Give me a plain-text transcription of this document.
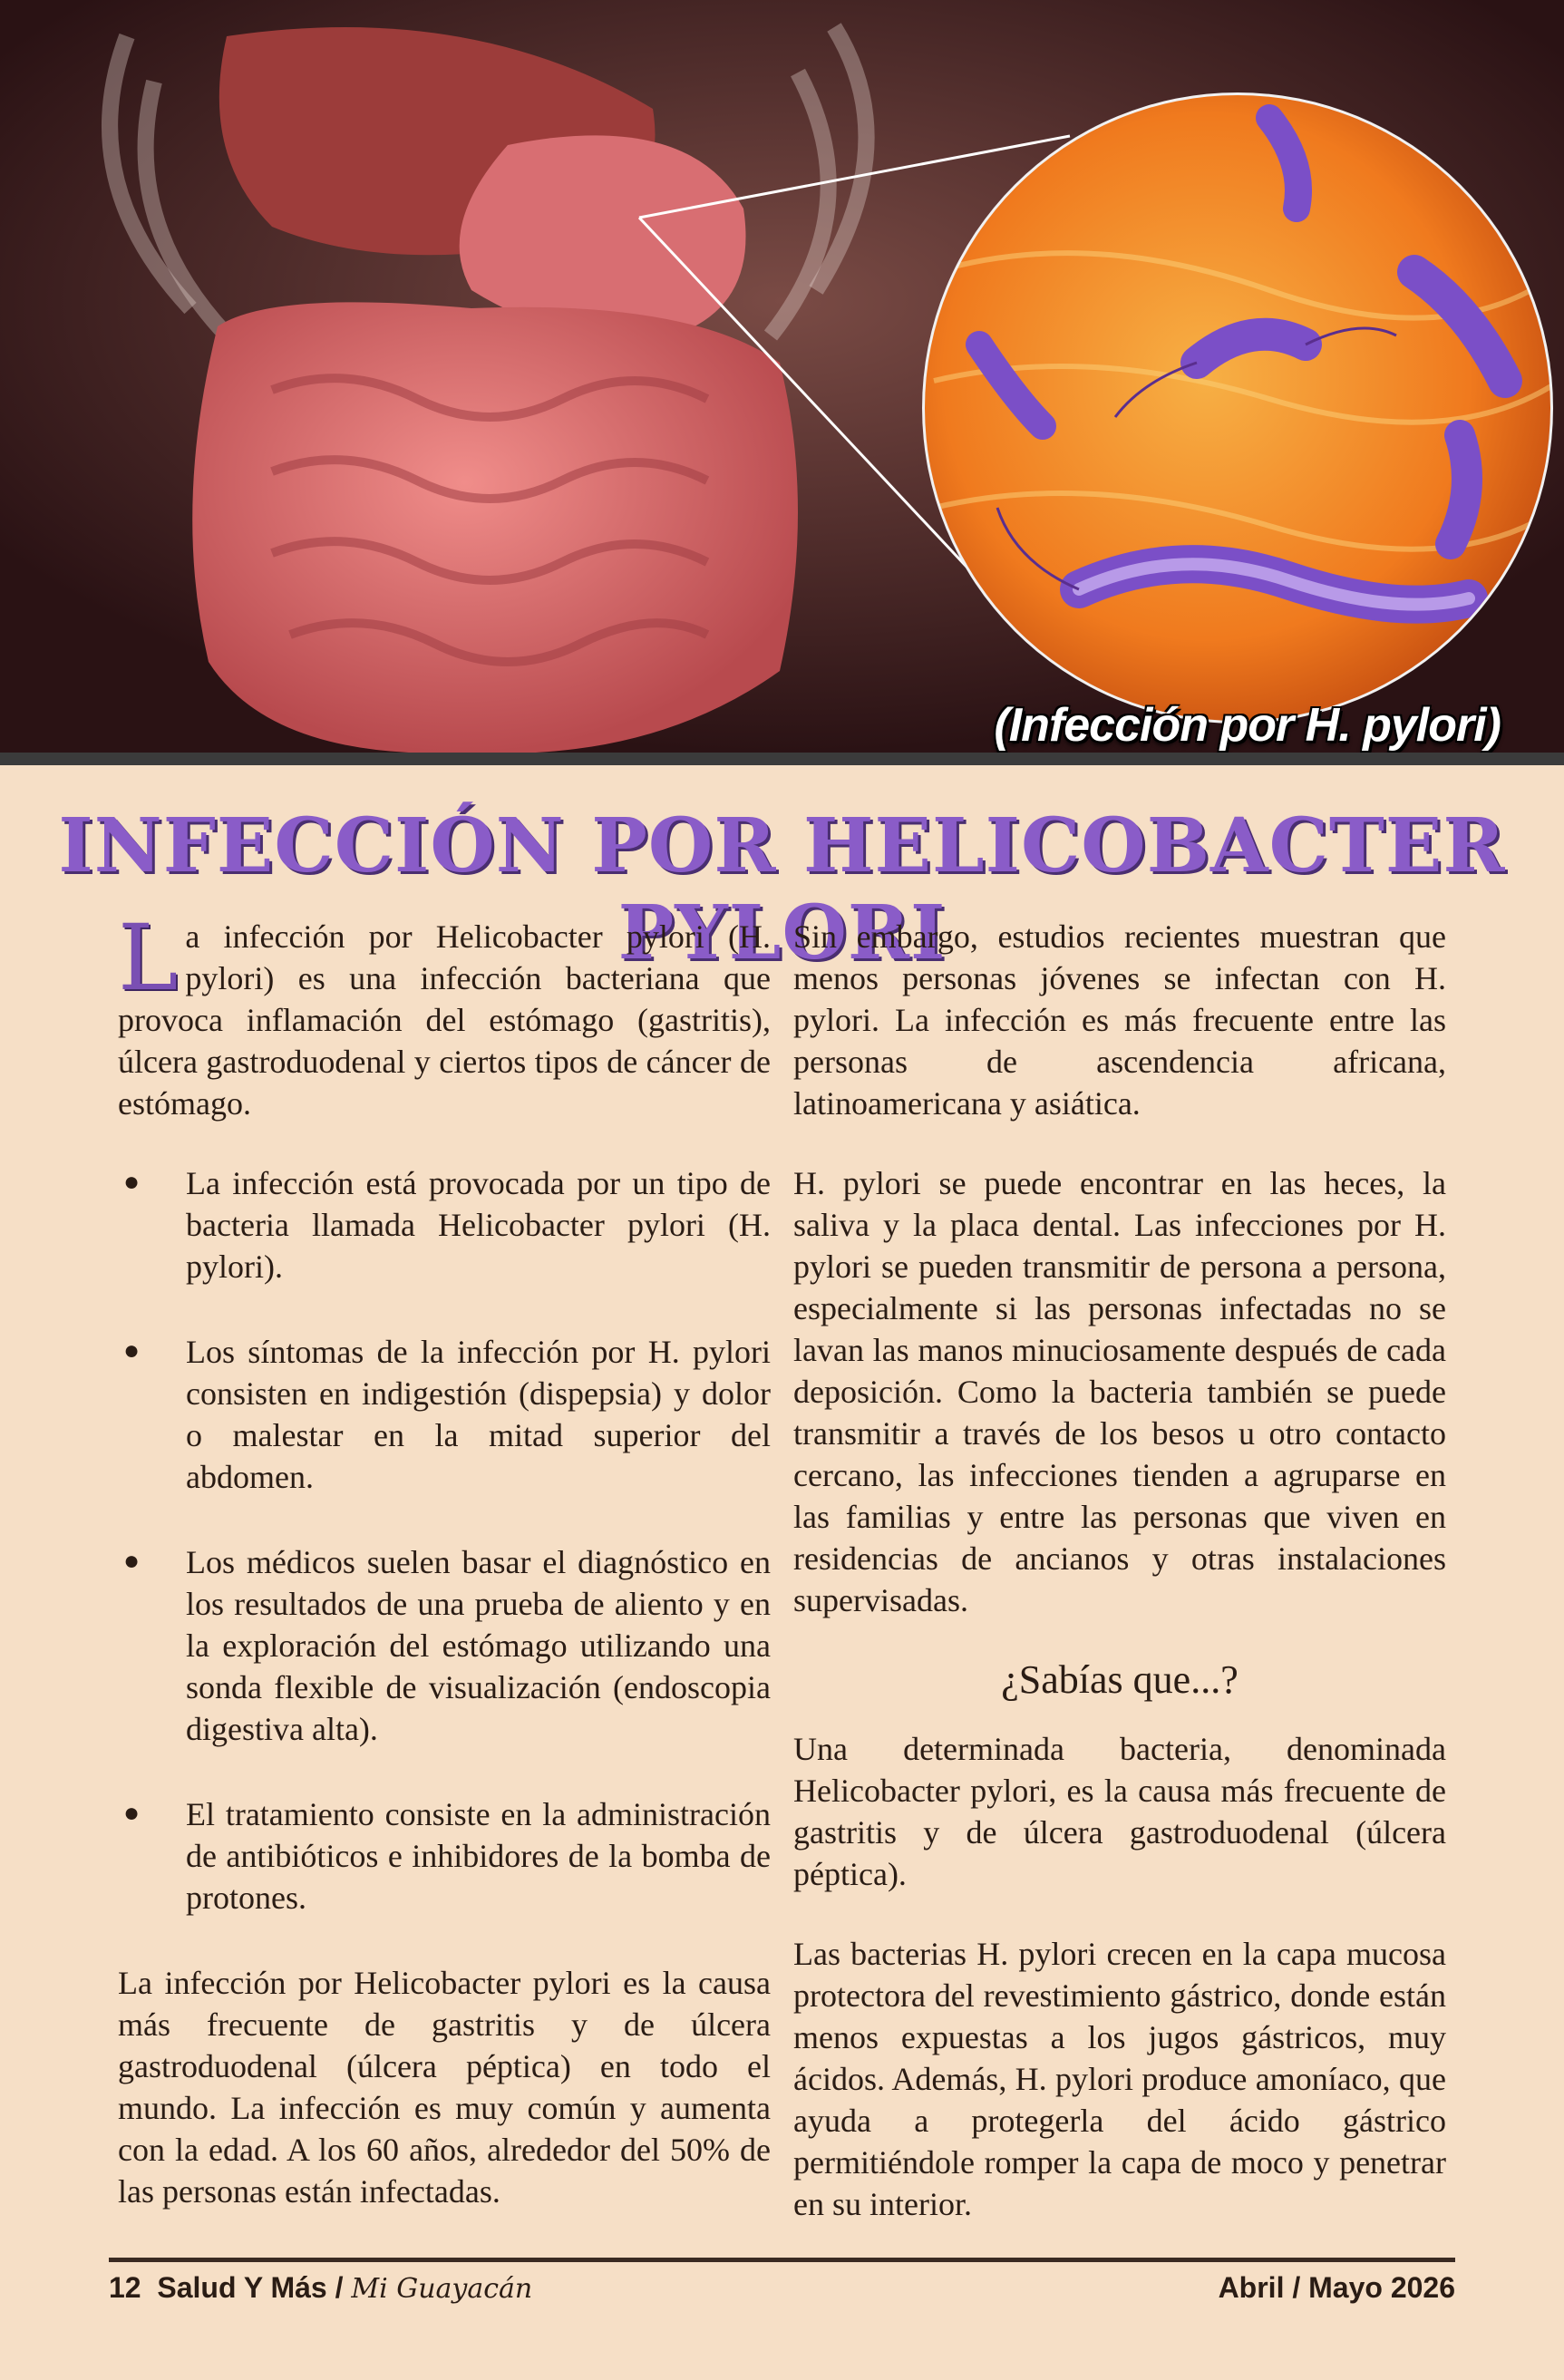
(Infección por H. pylori)
INFECCIÓN POR HELICOBACTER PYLORI

L a infección por Helicobacter pylori (H. pylori) es una infección bacteriana que provoca inflamación del estómago (gastritis), úlcera gastroduodenal y ciertos tipos de cáncer de estómago.

● La infección está provocada por un tipo de bacteria llamada Helicobacter pylori (H. pylori).
● Los síntomas de la infección por H. pylori consisten en indigestión (dispepsia) y dolor o malestar en la mitad superior del abdomen.
● Los médicos suelen basar el diagnóstico en los resultados de una prueba de aliento y en la exploración del estómago utilizando una sonda flexible de visualización (endoscopia digestiva alta).
● El tratamiento consiste en la administración de antibióticos e inhibidores de la bomba de protones.

La infección por Helicobacter pylori es la causa más frecuente de gastritis y de úlcera gastroduodenal (úlcera péptica) en todo el mundo. La infección es muy común y aumenta con la edad. A los 60 años, alrededor del 50% de las personas están infectadas.

Sin embargo, estudios recientes muestran que menos personas jóvenes se infectan con H. pylori. La infección es más frecuente entre las personas de ascendencia africana, latinoamericana y asiática.

H. pylori se puede encontrar en las heces, la saliva y la placa dental. Las infecciones por H. pylori se pueden transmitir de persona a persona, especialmente si las personas infectadas no se lavan las manos minuciosamente después de cada deposición. Como la bacteria también se puede transmitir a través de los besos u otro contacto cercano, las infecciones tienden a agruparse en las familias y entre las personas que viven en residencias de ancianos y otras instalaciones supervisadas.

¿Sabías que...?

Una determinada bacteria, denominada Helicobacter pylori, es la causa más frecuente de gastritis y de úlcera gastroduodenal (úlcera péptica).

Las bacterias H. pylori crecen en la capa mucosa protectora del revestimiento gástrico, donde están menos expuestas a los jugos gástricos, muy ácidos. Además, H. pylori produce amoníaco, que ayuda a protegerla del ácido gástrico permitiéndole romper la capa de moco y penetrar en su interior.

12 Salud Y Más / Mi Guayacán	Abril / Mayo 2026
